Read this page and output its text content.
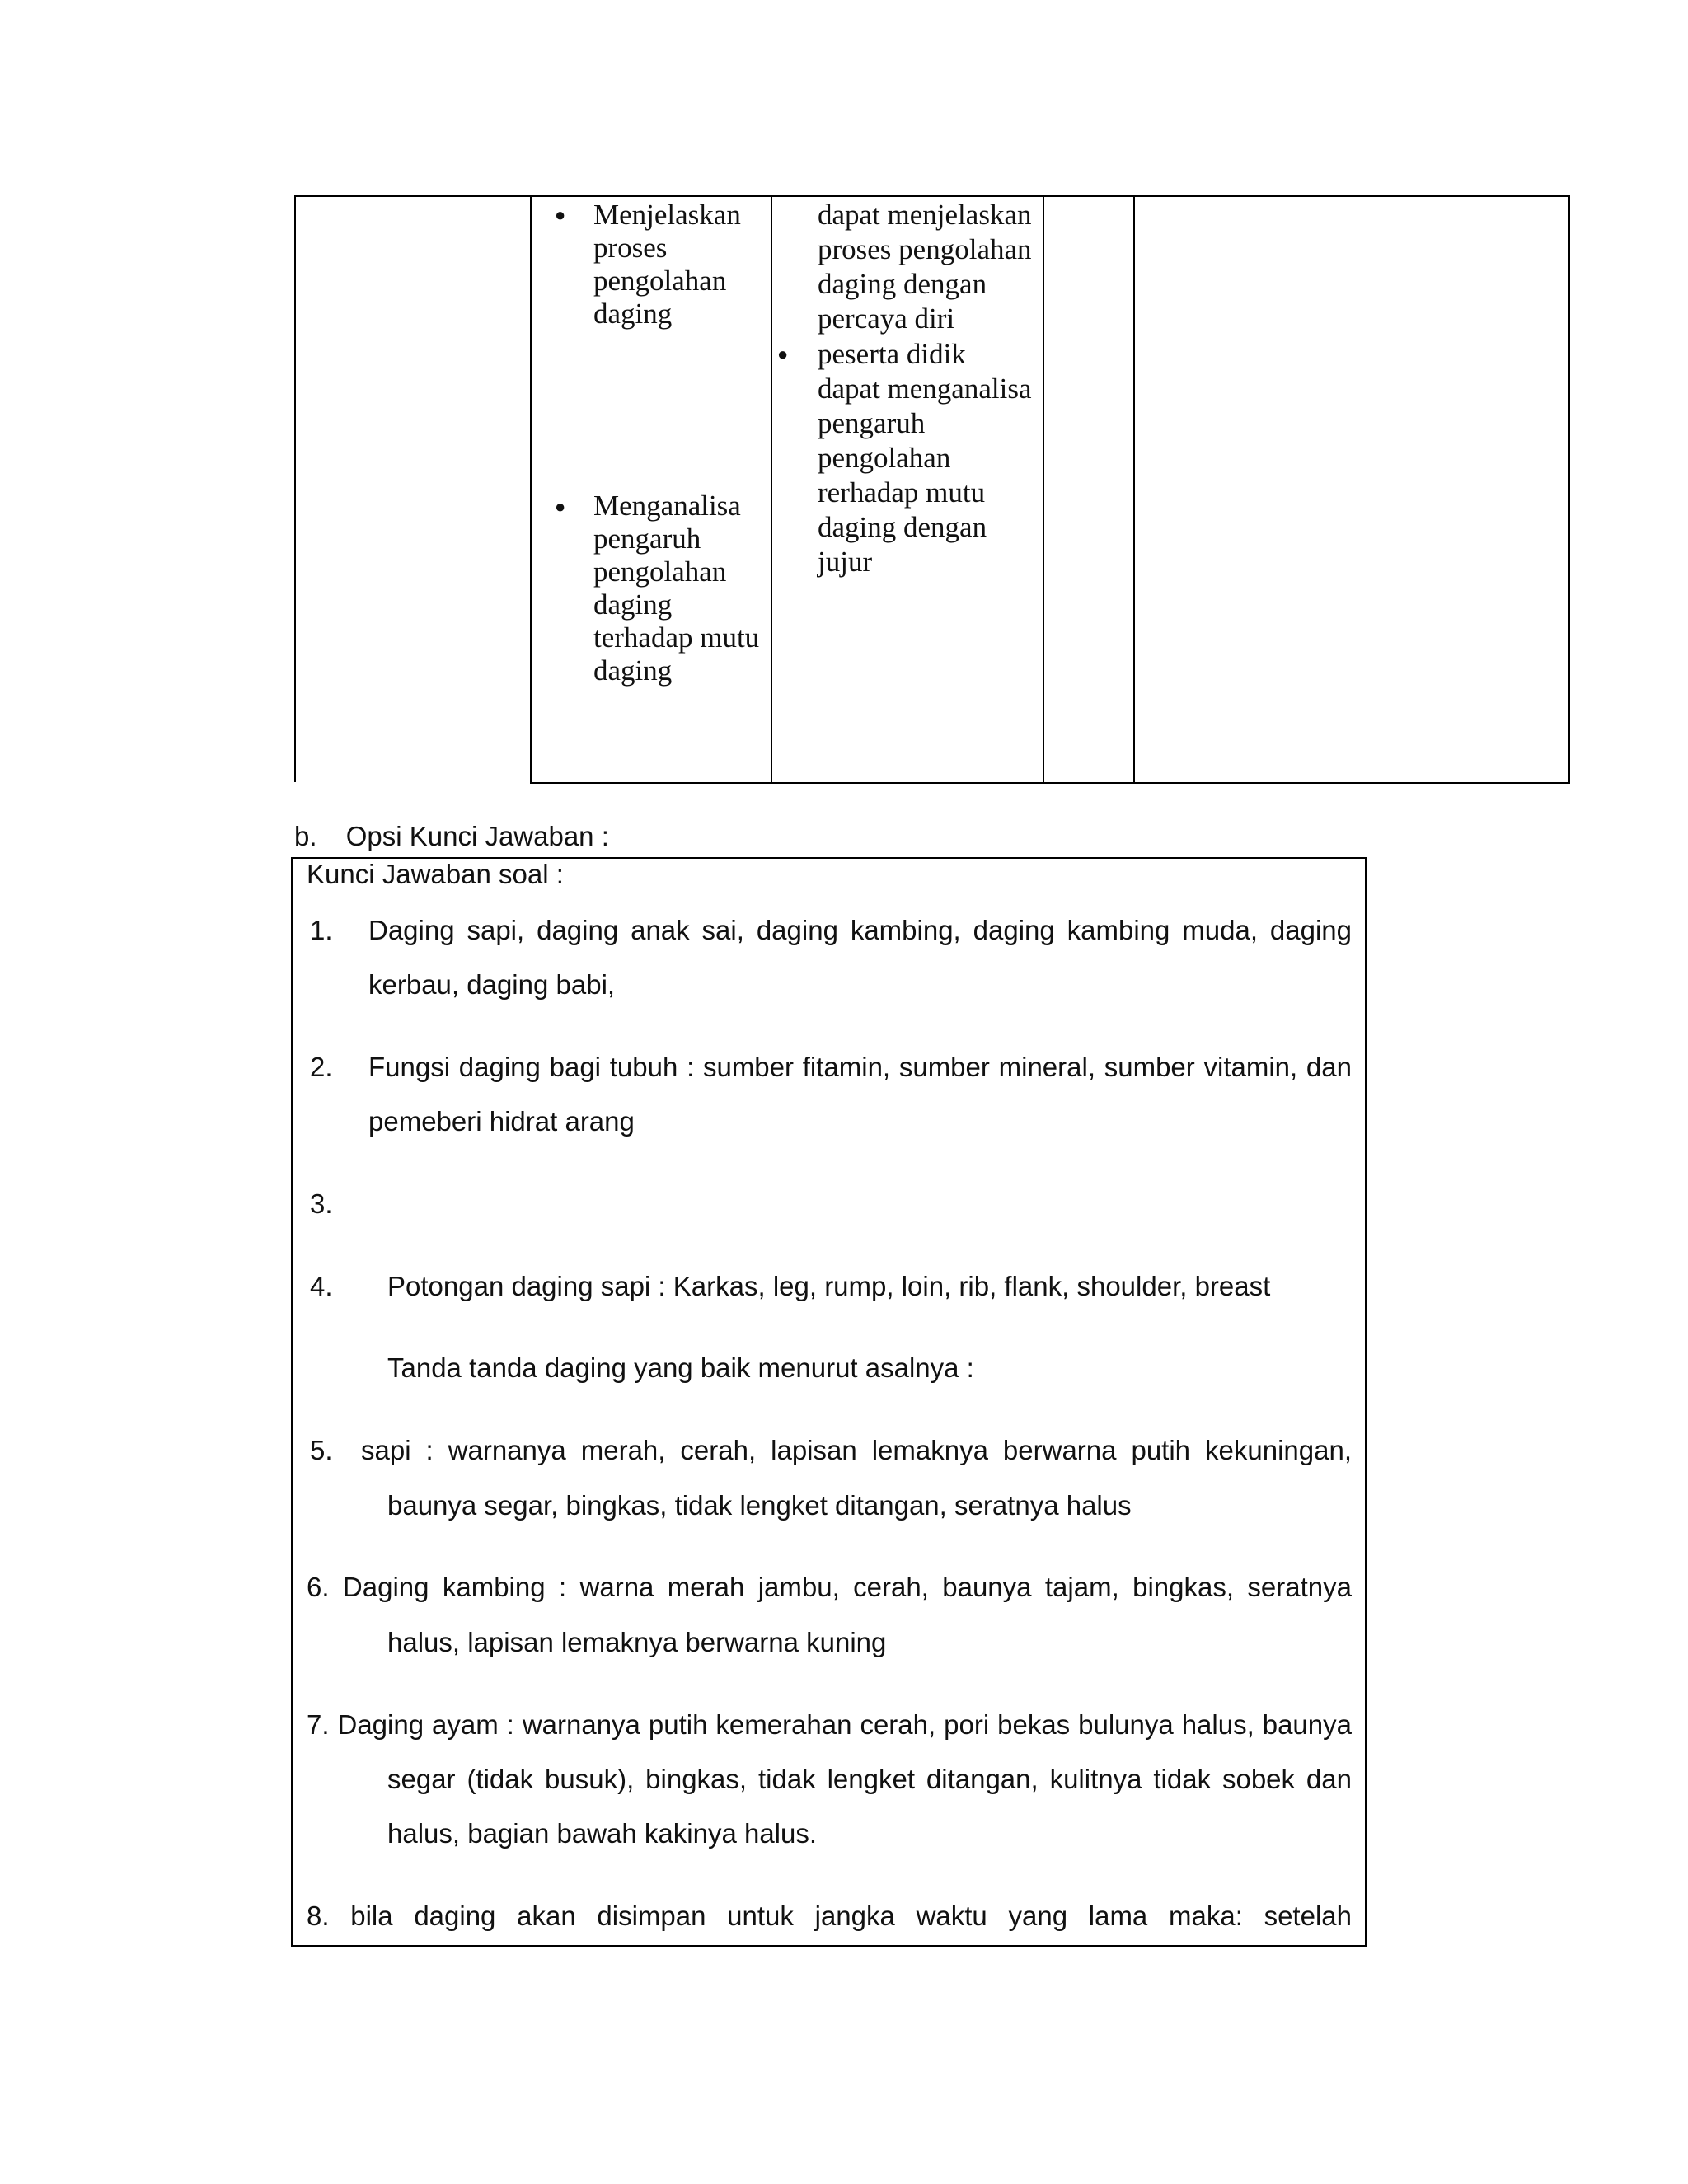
● Menjelaskan
proses
pengolahan
daging
● Menganalisa
pengaruh
pengolahan
daging
terhadap mutu
daging
dapat menjelaskan
proses pengolahan
daging dengan
percaya diri
● peserta didik
dapat menganalisa
pengaruh
pengolahan
rerhadap mutu
daging dengan
jujur
b. Opsi Kunci Jawaban :
Kunci Jawaban soal :
1. Daging sapi, daging anak sai, daging kambing, daging kambing muda, daging
kerbau, daging babi,
2. Fungsi daging bagi tubuh : sumber fitamin, sumber mineral, sumber vitamin, dan
pemeberi hidrat arang
3.
4. Potongan daging sapi : Karkas, leg, rump, loin, rib, flank, shoulder, breast
Tanda tanda daging yang baik menurut asalnya :
5. sapi : warnanya merah, cerah, lapisan lemaknya berwarna putih kekuningan,
baunya segar, bingkas, tidak lengket ditangan, seratnya halus
6. Daging kambing : warna merah jambu, cerah, baunya tajam, bingkas, seratnya
halus, lapisan lemaknya berwarna kuning
7. Daging ayam : warnanya putih kemerahan cerah, pori bekas bulunya halus, baunya
segar (tidak busuk), bingkas, tidak lengket ditangan, kulitnya tidak sobek dan
halus, bagian bawah kakinya halus.
8. bila daging akan disimpan untuk jangka waktu yang lama maka: setelah
